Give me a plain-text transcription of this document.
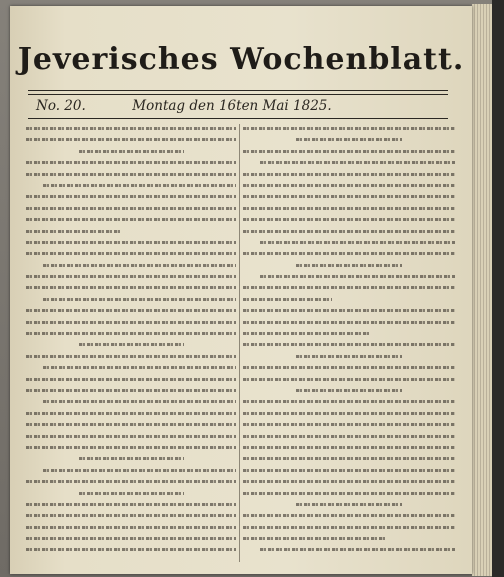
Jeverisches Wochenblatt.
No. 20.	Montag den 16ten Mai 1825.
